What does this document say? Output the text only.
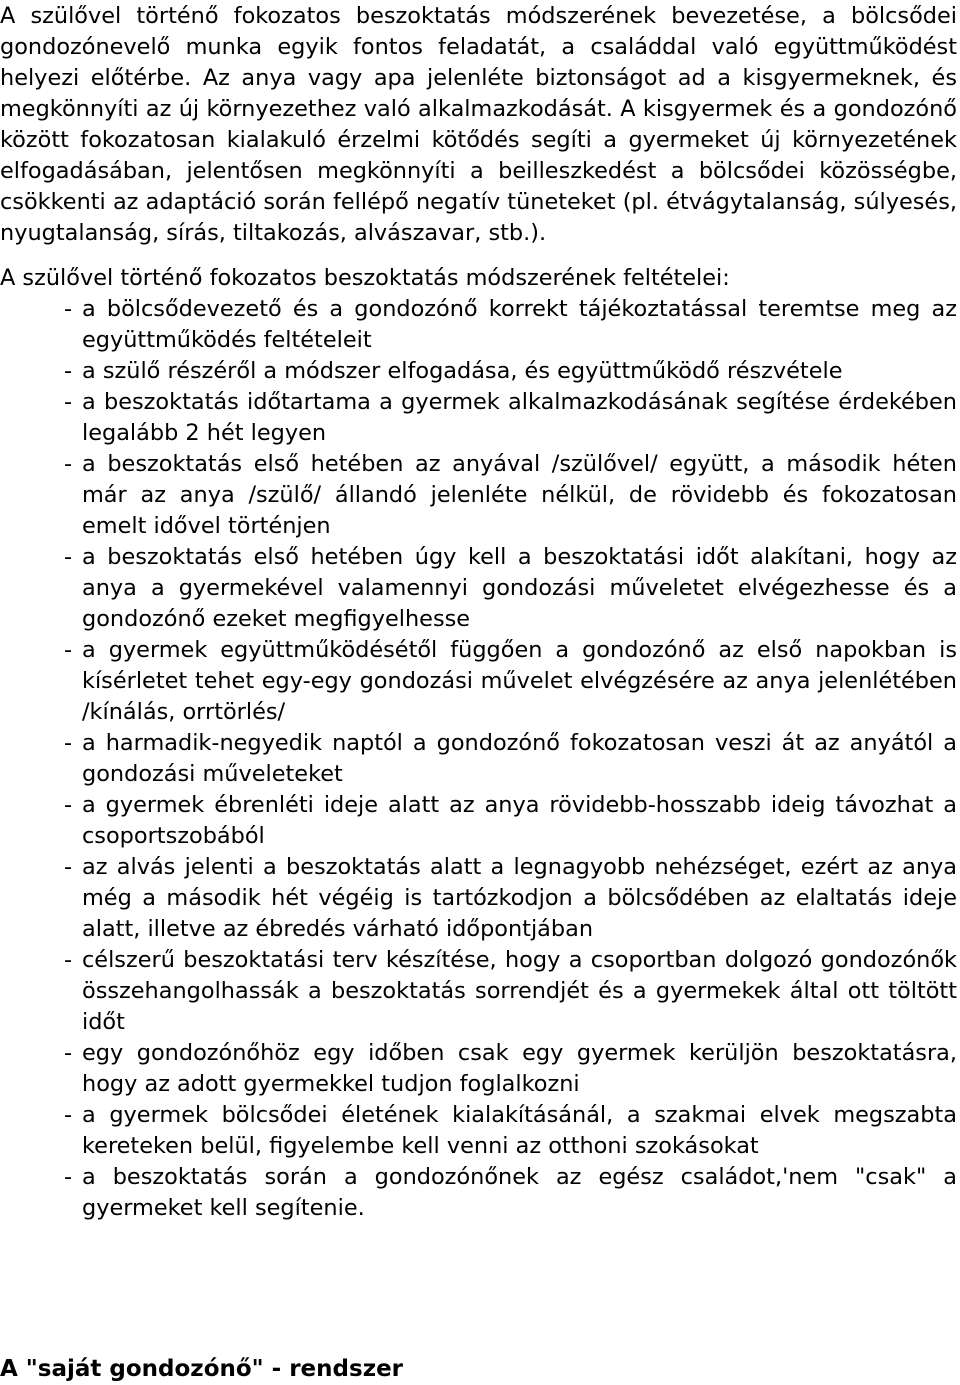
A szülővel történő fokozatos beszoktatás módszerének bevezetése, a bölcsődei gondozónevelő munka egyik fontos feladatát, a családdal való együttműködést helyezi előtérbe. Az anya vagy apa jelenléte biztonságot ad a kisgyermeknek, és megkönnyíti az új környezethez való alkalmazkodását. A kisgyermek és a gondozónő között fokozatosan kialakuló érzelmi kötődés segíti a gyermeket új környezetének elfogadásában, jelentősen megkönnyíti a beilleszkedést a bölcsődei közösségbe, csökkenti az adaptáció során fellépő negatív tüneteket (pl. étvágytalanság, súlyesés, nyugtalanság, sírás, tiltakozás, alvászavar, stb.).

A szülővel történő fokozatos beszoktatás módszerének feltételei:

- a bölcsődevezető és a gondozónő korrekt tájékoztatással teremtse meg az együttműködés feltételeit
- a szülő részéről a módszer elfogadása, és együttműködő részvétele
- a beszoktatás időtartama a gyermek alkalmazkodásának segítése érdekében legalább 2 hét legyen
- a beszoktatás első hetében az anyával /szülővel/ együtt, a második héten már az anya /szülő/ állandó jelenléte nélkül, de rövidebb és fokozatosan emelt idővel történjen
- a beszoktatás első hetében úgy kell a beszoktatási időt alakítani, hogy az anya a gyermekével valamennyi gondozási műveletet elvégezhesse és a gondozónő ezeket megfigyelhesse
- a gyermek együttműködésétől függően a gondozónő az első napokban is kísérletet tehet egy-egy gondozási művelet elvégzésére az anya jelenlétében /kínálás, orrtörlés/
- a harmadik-negyedik naptól a gondozónő fokozatosan veszi át az anyától a gondozási műveleteket
- a gyermek ébrenléti ideje alatt az anya rövidebb-hosszabb ideig távozhat a csoportszobából
- az alvás jelenti a beszoktatás alatt a legnagyobb nehézséget, ezért az anya még a második hét végéig is tartózkodjon a bölcsődében az elaltatás ideje alatt, illetve az ébredés várható időpontjában
- célszerű beszoktatási terv készítése, hogy a csoportban dolgozó gondozónők összehangolhassák a beszoktatás sorrendjét és a gyermekek által ott töltött időt
- egy gondozónőhöz egy időben csak egy gyermek kerüljön beszoktatásra, hogy az adott gyermekkel tudjon foglalkozni
- a gyermek bölcsődei életének kialakításánál, a szakmai elvek megszabta kereteken belül, figyelembe kell venni az otthoni szokásokat
- a beszoktatás során a gondozónőnek az egész családot,'nem "csak" a gyermeket kell segítenie.
A "saját gondozónő" - rendszer
